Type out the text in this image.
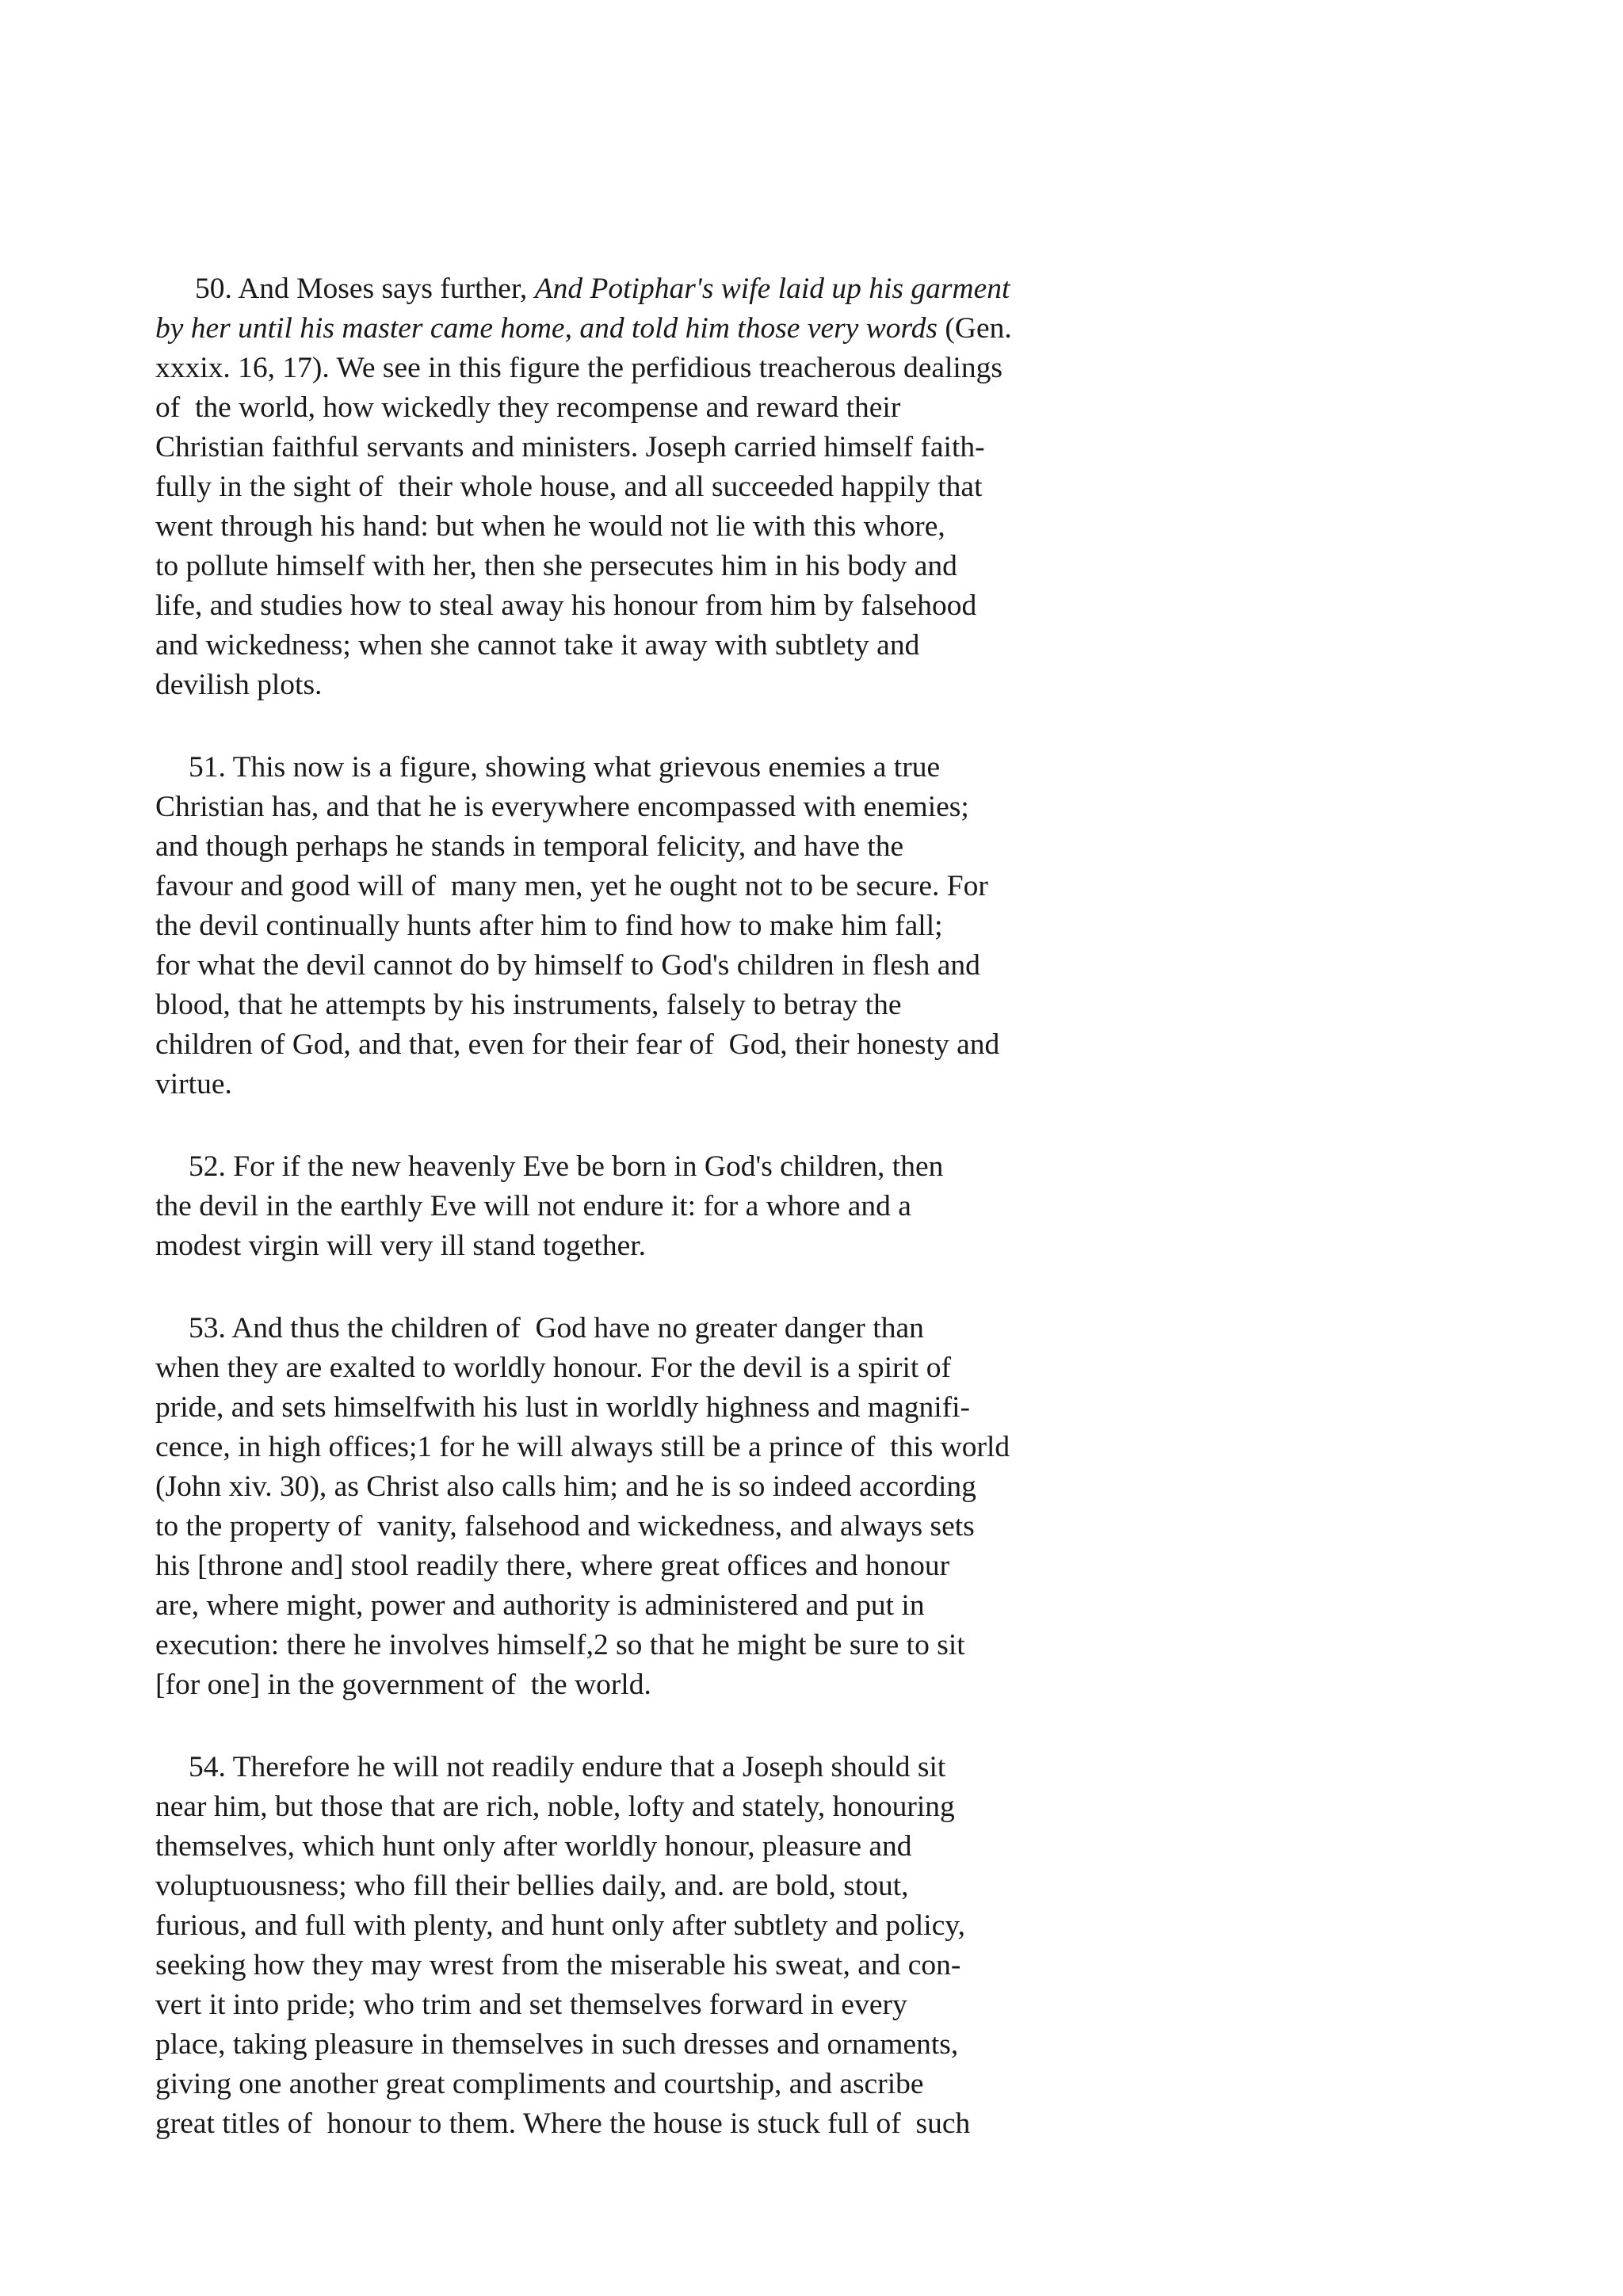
50. And Moses says further, And Potiphar's wife laid up his garment
by her until his master came home, and told him those very words (Gen.
xxxix. 16, 17). We see in this figure the perfidious treacherous dealings
of  the world, how wickedly they recompense and reward their
Christian faithful servants and ministers. Joseph carried himself faith-
fully in the sight of  their whole house, and all succeeded happily that
went through his hand: but when he would not lie with this whore,
to pollute himself with her, then she persecutes him in his body and
life, and studies how to steal away his honour from him by falsehood
and wickedness; when she cannot take it away with subtlety and
devilish plots.
51. This now is a figure, showing what grievous enemies a true
Christian has, and that he is everywhere encompassed with enemies;
and though perhaps he stands in temporal felicity, and have the
favour and good will of  many men, yet he ought not to be secure. For
the devil continually hunts after him to find how to make him fall;
for what the devil cannot do by himself to God's children in flesh and
blood, that he attempts by his instruments, falsely to betray the
children of God, and that, even for their fear of  God, their honesty and
virtue.
52. For if the new heavenly Eve be born in God's children, then
the devil in the earthly Eve will not endure it: for a whore and a
modest virgin will very ill stand together.
53. And thus the children of  God have no greater danger than
when they are exalted to worldly honour. For the devil is a spirit of
pride, and sets himselfwith his lust in worldly highness and magnifi-
cence, in high offices;1 for he will always still be a prince of  this world
(John xiv. 30), as Christ also calls him; and he is so indeed according
to the property of  vanity, falsehood and wickedness, and always sets
his [throne and] stool readily there, where great offices and honour
are, where might, power and authority is administered and put in
execution: there he involves himself,2 so that he might be sure to sit
[for one] in the government of  the world.
54. Therefore he will not readily endure that a Joseph should sit
near him, but those that are rich, noble, lofty and stately, honouring
themselves, which hunt only after worldly honour, pleasure and
voluptuousness; who fill their bellies daily, and. are bold, stout,
furious, and full with plenty, and hunt only after subtlety and policy,
seeking how they may wrest from the miserable his sweat, and con-
vert it into pride; who trim and set themselves forward in every
place, taking pleasure in themselves in such dresses and ornaments,
giving one another great compliments and courtship, and ascribe
great titles of  honour to them. Where the house is stuck full of  such
